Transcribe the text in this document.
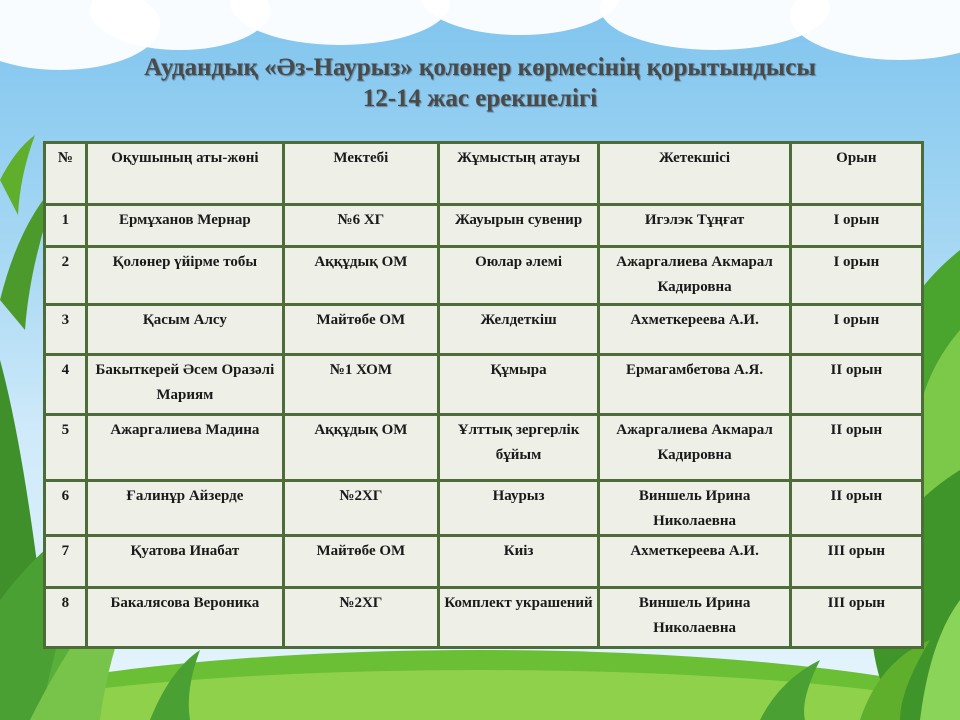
Аудандық «Әз-Наурыз» қолөнер көрмесінің қорытындысы
12-14 жас ерекшелігі
№	Оқушының аты-жөні	Мектебі	Жұмыстың атауы	Жетекшісі	Орын
1	Ермұханов Мернар	№6 ХГ	Жауырын сувенир	Игэлэк Тұңғат	I орын
2	Қолөнер үйірме тобы	Аққұдық ОМ	Оюлар әлемі	Ажаргалиева Акмарал Кадировна	I орын
3	Қасым Алсу	Майтөбе ОМ	Желдеткіш	Ахметкереева А.И.	I орын
4	Бакыткерей Әсем Оразәлі Мариям	№1 ХОМ	Құмыра	Ермагамбетова А.Я.	II орын
5	Ажаргалиева Мадина	Аққұдық ОМ	Ұлттық зергерлік бұйым	Ажаргалиева Акмарал Кадировна	II орын
6	Ғалинұр Айзерде	№2ХГ	Наурыз	Виншель Ирина Николаевна	II орын
7	Қуатова Инабат	Майтөбе ОМ	Киіз	Ахметкереева А.И.	III орын
8	Бакалясова Вероника	№2ХГ	Комплект украшений	Виншель Ирина Николаевна	III орын
